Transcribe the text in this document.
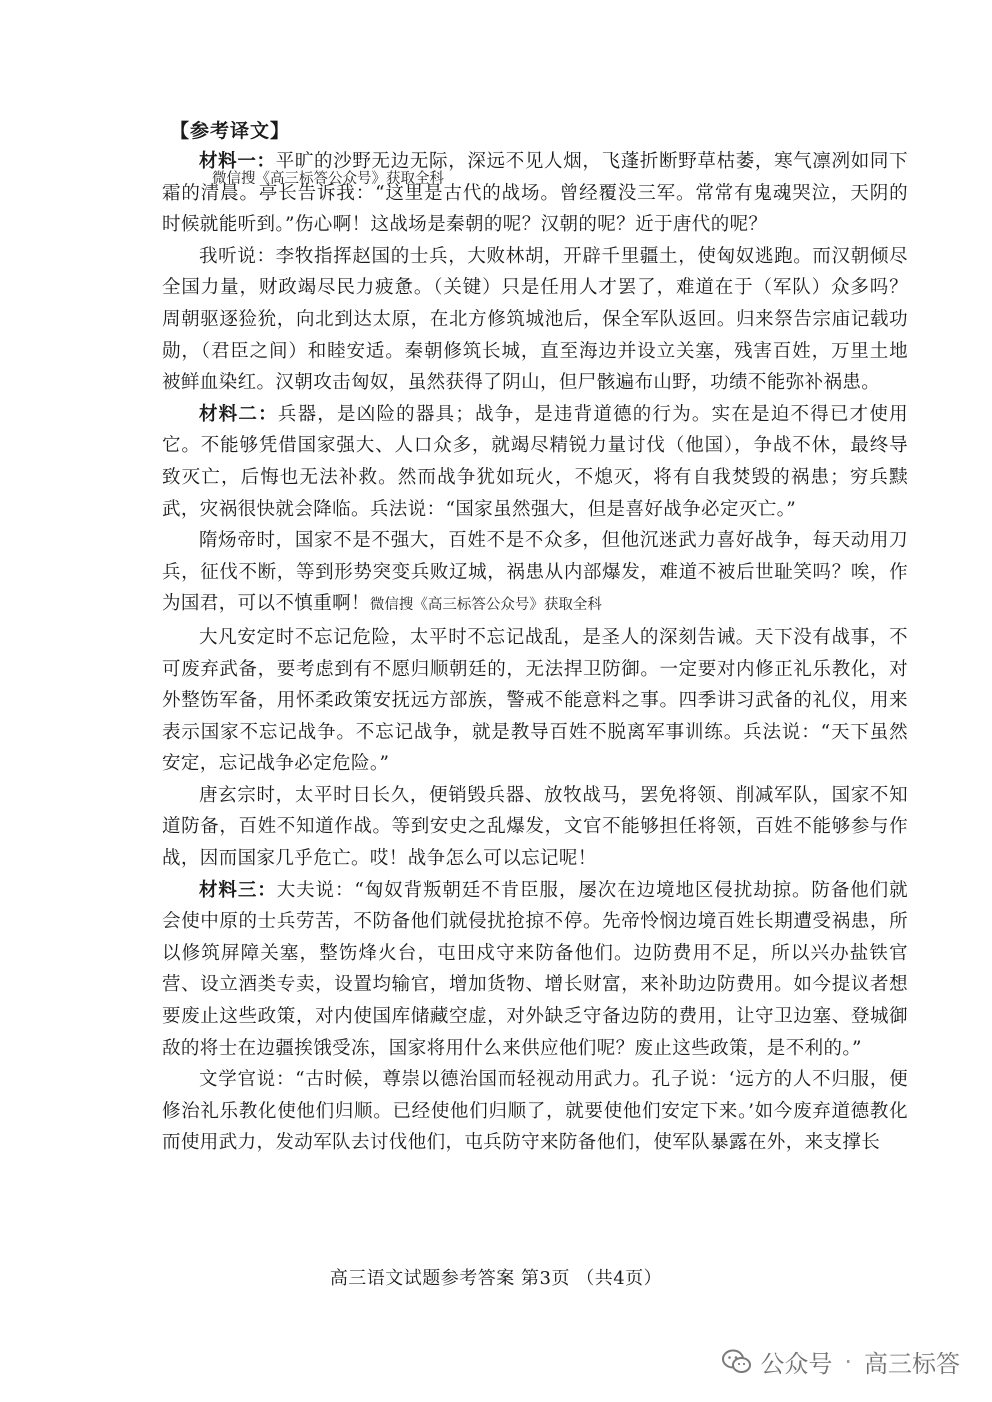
【参考译文】
微信搜《高三标答公众号》获取全科

材料一：平旷的沙野无边无际，深远不见人烟，飞蓬折断野草枯萎，寒气凛冽如同下霜的清晨。亭长告诉我：“这里是古代的战场。曾经覆没三军。常常有鬼魂哭泣，天阴的时候就能听到。”伤心啊！这战场是秦朝的呢？汉朝的呢？近于唐代的呢？

我听说：李牧指挥赵国的士兵，大败林胡，开辟千里疆土，使匈奴逃跑。而汉朝倾尽全国力量，财政竭尽民力疲惫。（关键）只是任用人才罢了，难道在于（军队）众多吗？周朝驱逐猃狁，向北到达太原，在北方修筑城池后，保全军队返回。归来祭告宗庙记载功勋，（君臣之间）和睦安适。秦朝修筑长城，直至海边并设立关塞，残害百姓，万里土地被鲜血染红。汉朝攻击匈奴，虽然获得了阴山，但尸骸遍布山野，功绩不能弥补祸患。

材料二：兵器，是凶险的器具；战争，是违背道德的行为。实在是迫不得已才使用它。不能够凭借国家强大、人口众多，就竭尽精锐力量讨伐（他国），争战不休，最终导致灭亡，后悔也无法补救。然而战争犹如玩火，不熄灭，将有自我焚毁的祸患；穷兵黩武，灾祸很快就会降临。兵法说：“国家虽然强大，但是喜好战争必定灭亡。”

隋炀帝时，国家不是不强大，百姓不是不众多，但他沉迷武力喜好战争，每天动用刀兵，征伐不断，等到形势突变兵败辽城，祸患从内部爆发，难道不被后世耻笑吗？唉，作为国君，可以不慎重啊！微信搜《高三标答公众号》获取全科

大凡安定时不忘记危险，太平时不忘记战乱，是圣人的深刻告诫。天下没有战事，不可废弃武备，要考虑到有不愿归顺朝廷的，无法捍卫防御。一定要对内修正礼乐教化，对外整饬军备，用怀柔政策安抚远方部族，警戒不能意料之事。四季讲习武备的礼仪，用来表示国家不忘记战争。不忘记战争，就是教导百姓不脱离军事训练。兵法说：“天下虽然安定，忘记战争必定危险。”

唐玄宗时，太平时日长久，便销毁兵器、放牧战马，罢免将领、削减军队，国家不知道防备，百姓不知道作战。等到安史之乱爆发，文官不能够担任将领，百姓不能够参与作战，因而国家几乎危亡。哎！战争怎么可以忘记呢！

材料三：大夫说：“匈奴背叛朝廷不肯臣服，屡次在边境地区侵扰劫掠。防备他们就会使中原的士兵劳苦，不防备他们就侵扰抢掠不停。先帝怜悯边境百姓长期遭受祸患，所以修筑屏障关塞，整饬烽火台，屯田戍守来防备他们。边防费用不足，所以兴办盐铁官营、设立酒类专卖，设置均输官，增加货物、增长财富，来补助边防费用。如今提议者想要废止这些政策，对内使国库储藏空虚，对外缺乏守备边防的费用，让守卫边塞、登城御敌的将士在边疆挨饿受冻，国家将用什么来供应他们呢？废止这些政策，是不利的。”

文学官说：“古时候，尊崇以德治国而轻视动用武力。孔子说：‘远方的人不归服，便修治礼乐教化使他们归顺。已经使他们归顺了，就要使他们安定下来。’如今废弃道德教化而使用武力，发动军队去讨伐他们，屯兵防守来防备他们，使军队暴露在外，来支撑长

高三语文试题参考答案 第3页 （共4页）
公众号 · 高三标答
